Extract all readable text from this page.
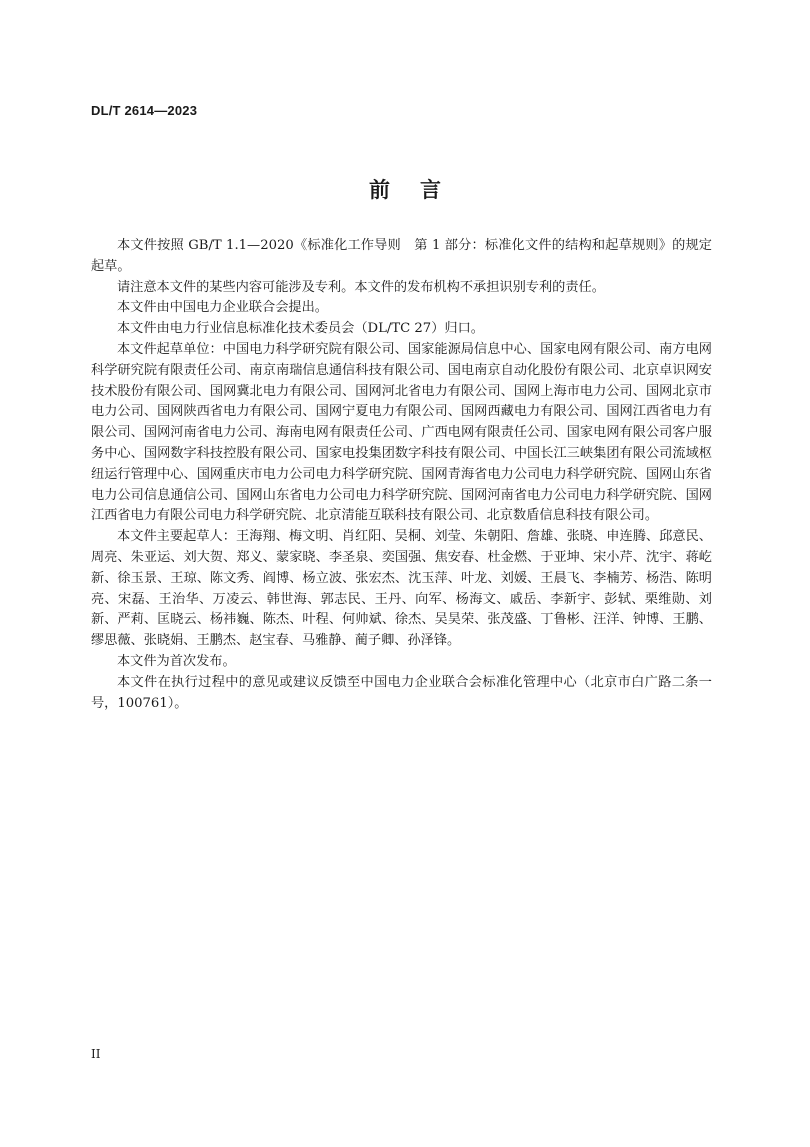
DL/T 2614—2023
前言

本文件按照 GB/T 1.1—2020《标准化工作导则　第 1 部分：标准化文件的结构和起草规则》的规定起草。

请注意本文件的某些内容可能涉及专利。本文件的发布机构不承担识别专利的责任。

本文件由中国电力企业联合会提出。

本文件由电力行业信息标准化技术委员会（DL/TC 27）归口。

本文件起草单位：中国电力科学研究院有限公司、国家能源局信息中心、国家电网有限公司、南方电网科学研究院有限责任公司、南京南瑞信息通信科技有限公司、国电南京自动化股份有限公司、北京卓识网安技术股份有限公司、国网冀北电力有限公司、国网河北省电力有限公司、国网上海市电力公司、国网北京市电力公司、国网陕西省电力有限公司、国网宁夏电力有限公司、国网西藏电力有限公司、国网江西省电力有限公司、国网河南省电力公司、海南电网有限责任公司、广西电网有限责任公司、国家电网有限公司客户服务中心、国网数字科技控股有限公司、国家电投集团数字科技有限公司、中国长江三峡集团有限公司流域枢纽运行管理中心、国网重庆市电力公司电力科学研究院、国网青海省电力公司电力科学研究院、国网山东省电力公司信息通信公司、国网山东省电力公司电力科学研究院、国网河南省电力公司电力科学研究院、国网江西省电力有限公司电力科学研究院、北京清能互联科技有限公司、北京数盾信息科技有限公司。

本文件主要起草人：王海翔、梅文明、肖红阳、吴桐、刘莹、朱朝阳、詹雄、张晓、申连腾、邱意民、周亮、朱亚运、刘大贺、郑义、蒙家晓、李圣泉、奕国强、焦安春、杜金燃、于亚坤、宋小芹、沈宇、蒋屹新、徐玉景、王琼、陈文秀、阎博、杨立波、张宏杰、沈玉萍、叶龙、刘媛、王晨飞、李楠芳、杨浩、陈明亮、宋磊、王治华、万凌云、韩世海、郭志民、王丹、向军、杨海文、戚岳、李新宇、彭轼、栗维勋、刘新、严莉、匡晓云、杨祎巍、陈杰、叶程、何帅斌、徐杰、吴昊荣、张茂盛、丁鲁彬、汪洋、钟博、王鹏、缪思薇、张晓娟、王鹏杰、赵宝春、马雅静、蔺子卿、孙泽锋。

本文件为首次发布。

本文件在执行过程中的意见或建议反馈至中国电力企业联合会标准化管理中心（北京市白广路二条一号，100761）。

II
